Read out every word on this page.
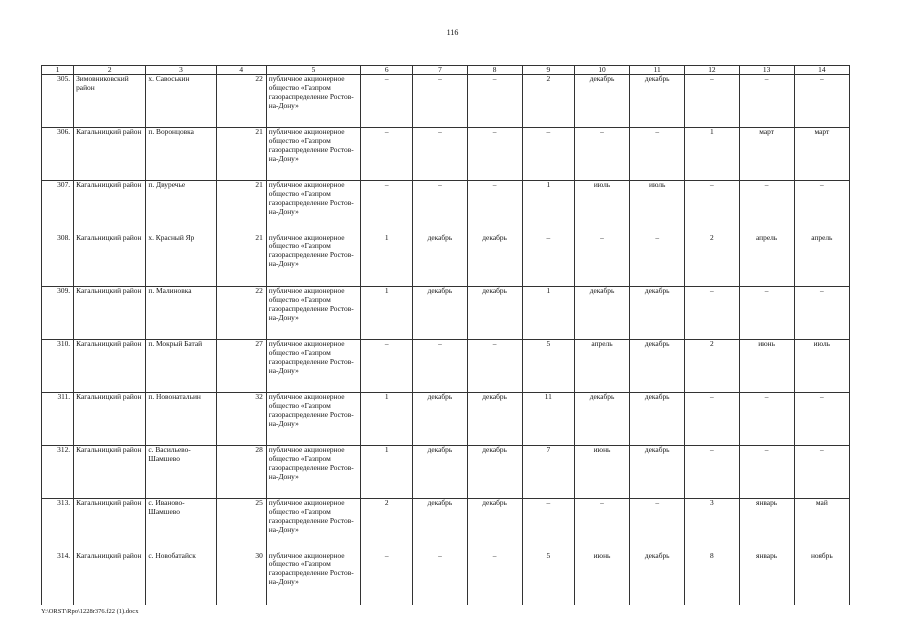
116
1	2	3	4	5	6	7	8	9	10	11	12	13	14
305.	Зимовниковский район	х. Савоськин	22	публичное акционерное общество «Газпром газораспределение Ростов-на-Дону»	–	–	–	2	декабрь	декабрь	–	–	–
306.	Кагальницкий район	п. Воронцовка	21	публичное акционерное общество «Газпром газораспределение Ростов-на-Дону»	–	–	–	–	–	–	1	март	март
307.	Кагальницкий район	п. Двуречье	21	публичное акционерное общество «Газпром газораспределение Ростов-на-Дону»	–	–	–	1	июль	июль	–	–	–
308.	Кагальницкий район	х. Красный Яр	21	публичное акционерное общество «Газпром газораспределение Ростов-на-Дону»	1	декабрь	декабрь	–	–	–	2	апрель	апрель
309.	Кагальницкий район	п. Малиновка	22	публичное акционерное общество «Газпром газораспределение Ростов-на-Дону»	1	декабрь	декабрь	1	декабрь	декабрь	–	–	–
310.	Кагальницкий район	п. Мокрый Батай	27	публичное акционерное общество «Газпром газораспределение Ростов-на-Дону»	–	–	–	5	апрель	декабрь	2	июнь	июль
311.	Кагальницкий район	п. Новонатальин	32	публичное акционерное общество «Газпром газораспределение Ростов-на-Дону»	1	декабрь	декабрь	11	декабрь	декабрь	–	–	–
312.	Кагальницкий район	с. Васильево-Шамшево	28	публичное акционерное общество «Газпром газораспределение Ростов-на-Дону»	1	декабрь	декабрь	7	июнь	декабрь	–	–	–
313.	Кагальницкий район	с. Иваново-Шамшево	25	публичное акционерное общество «Газпром газораспределение Ростов-на-Дону»	2	декабрь	декабрь	–	–	–	3	январь	май
314.	Кагальницкий район	с. Новобатайск	30	публичное акционерное общество «Газпром газораспределение Ростов-на-Дону»	–	–	–	5	июнь	декабрь	8	январь	ноябрь
Y:\ORST\Rpo\1228r376.f22 (1).docx
